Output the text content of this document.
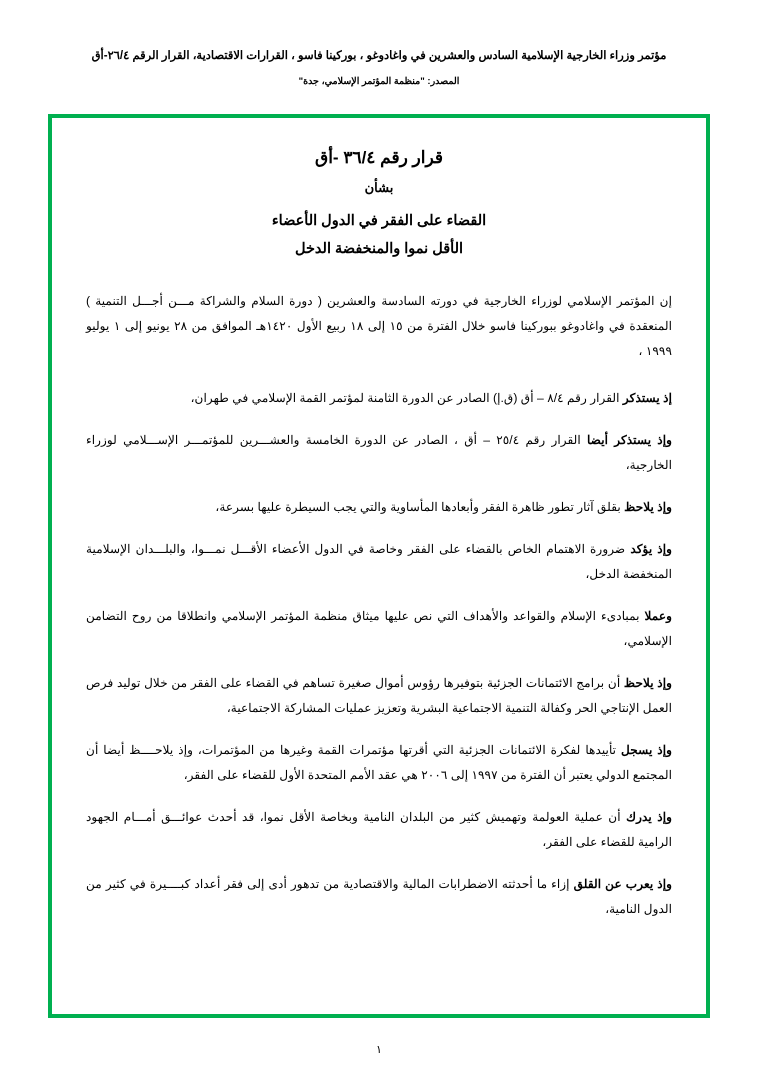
مؤتمر وزراء الخارجية الإسلامية السادس والعشرين في واغادوغو ، بوركينا فاسو ، القرارات الاقتصادية، القرار الرقم ٢٦/٤-أق
المصدر: "منظمة المؤتمر الإسلامي، جدة"
قرار رقم ٣٦/٤ -أق
بشأن
القضاء على الفقر في الدول الأعضاء
الأقل نموا والمنخفضة الدخل

إن المؤتمر الإسلامي لوزراء الخارجية في دورته السادسة والعشرين ( دورة السلام والشراكة مـــن أجـــل التنمية ) المنعقدة في واغادوغو ببوركينا فاسو خلال الفترة من ١٥ إلى ١٨ ربيع الأول ١٤٢٠هـ الموافق من ٢٨ يونيو إلى ١ يوليو ١٩٩٩ ،

إذ يستذكر القرار رقم ٨/٤ – أق (ق.إ) الصادر عن الدورة الثامنة لمؤتمر القمة الإسلامي في طهران،

وإذ يستذكر أيضا القرار رقم ٢٥/٤ – أق ، الصادر عن الدورة الخامسة والعشـــرين للمؤتمـــر الإســـلامي لوزراء الخارجية،

وإذ يلاحظ بقلق آثار تطور ظاهرة الفقر وأبعادها المأساوية والتي يجب السيطرة عليها بسرعة،

وإذ يؤكد ضرورة الاهتمام الخاص بالقضاء على الفقر وخاصة في الدول الأعضاء الأقـــل نمـــوا، والبلـــدان الإسلامية المنخفضة الدخل،

وعملا بمبادىء الإسلام والقواعد والأهداف التي نص عليها ميثاق منظمة المؤتمر الإسلامي وانطلاقا من روح التضامن الإسلامي،

وإذ يلاحظ أن برامج الائتمانات الجزئية بتوفيرها رؤوس أموال صغيرة تساهم في القضاء على الفقر من خلال توليد فرص العمل الإنتاجي الحر وكفالة التنمية الاجتماعية البشرية وتعزيز عمليات المشاركة الاجتماعية،

وإذ يسجل تأييدها لفكرة الائتمانات الجزئية التي أقرتها مؤتمرات القمة وغيرها من المؤتمرات، وإذ يلاحــــظ أيضا أن المجتمع الدولي يعتبر أن الفترة من ١٩٩٧ إلى ٢٠٠٦ هي عقد الأمم المتحدة الأول للقضاء على الفقر،

وإذ يدرك أن عملية العولمة وتهميش كثير من البلدان النامية وبخاصة الأقل نموا، قد أحدث عوائـــق أمـــام الجهود الرامية للقضاء على الفقر،

وإذ يعرب عن القلق إزاء ما أحدثته الاضطرابات المالية والاقتصادية من تدهور أدى إلى فقر أعداد كبــــيرة في كثير من الدول النامية،

١
